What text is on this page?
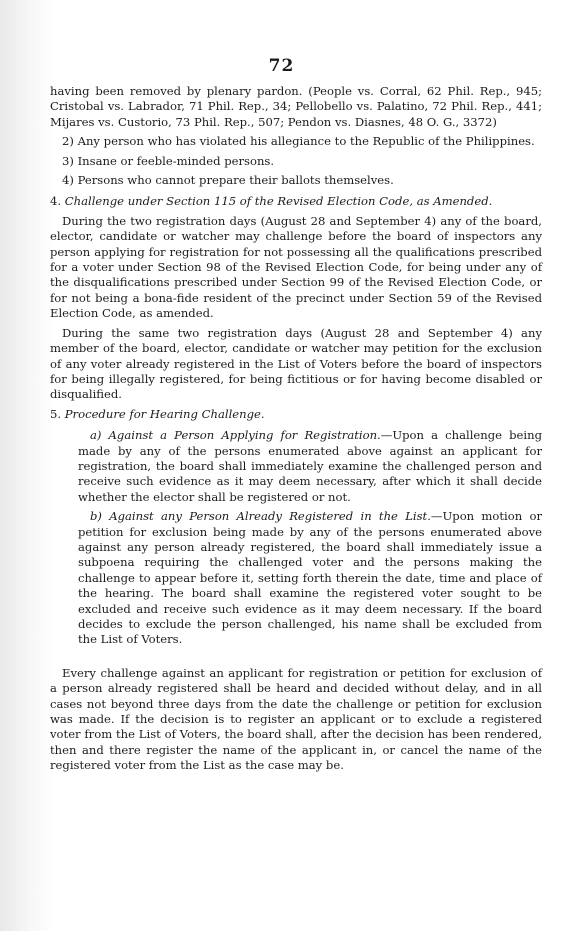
72

having been removed by plenary pardon. (People vs. Corral, 62 Phil. Rep., 945; Cristobal vs. Labrador, 71 Phil. Rep., 34; Pellobello vs. Palatino, 72 Phil. Rep., 441; Mijares vs. Custorio, 73 Phil. Rep., 507; Pendon vs. Diasnes, 48 O. G., 3372)

2) Any person who has violated his allegiance to the Republic of the Philippines.

3) Insane or feeble-minded persons.

4) Persons who cannot prepare their ballots themselves.

4. Challenge under Section 115 of the Revised Election Code, as Amended.

During the two registration days (August 28 and September 4) any of the board, elector, candidate or watcher may challenge before the board of inspectors any person applying for registration for not possessing all the qualifications prescribed for a voter under Section 98 of the Revised Election Code, for being under any of the disqualifications prescribed under Section 99 of the Revised Election Code, or for not being a bona-fide resident of the precinct under Section 59 of the Revised Election Code, as amended.

During the same two registration days (August 28 and September 4) any member of the board, elector, candidate or watcher may petition for the exclusion of any voter already registered in the List of Voters before the board of inspectors for being illegally registered, for being fictitious or for having become disabled or disqualified.

5. Procedure for Hearing Challenge.

a) Against a Person Applying for Registration.—Upon a challenge being made by any of the persons enumerated above against an applicant for registration, the board shall immediately examine the challenged person and receive such evidence as it may deem necessary, after which it shall decide whether the elector shall be registered or not.

b) Against any Person Already Registered in the List.—Upon motion or petition for exclusion being made by any of the persons enumerated above against any person already registered, the board shall immediately issue a subpoena requiring the challenged voter and the persons making the challenge to appear before it, setting forth therein the date, time and place of the hearing. The board shall examine the registered voter sought to be excluded and receive such evidence as it may deem necessary. If the board decides to exclude the person challenged, his name shall be excluded from the List of Voters.

Every challenge against an applicant for registration or petition for exclusion of a person already registered shall be heard and decided without delay, and in all cases not beyond three days from the date the challenge or petition for exclusion was made. If the decision is to register an applicant or to exclude a registered voter from the List of Voters, the board shall, after the decision has been rendered, then and there register the name of the applicant in, or cancel the name of the registered voter from the List as the case may be.
